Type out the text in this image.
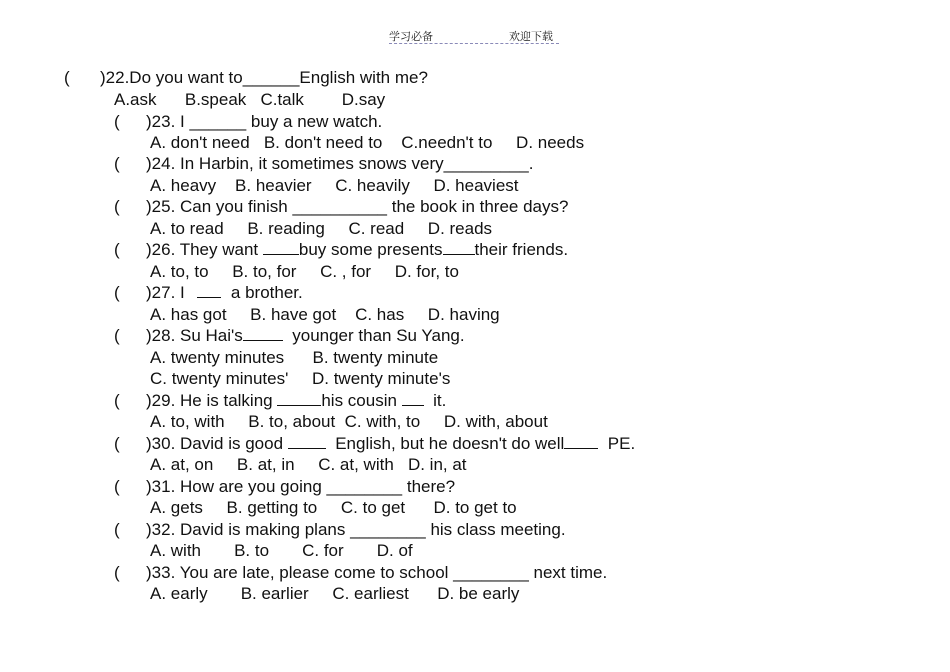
学习必备	欢迎下载
( )22.Do you want to______English with me?
A.ask      B.speak   C.talk        D.say
( )23. I ______ buy a new watch.
A. don't need   B. don't need to    C.needn't to     D. needs
( )24. In Harbin, it sometimes snows very_________.
A. heavy    B. heavier     C. heavily     D. heaviest
( )25. Can you finish __________ the book in three days?
A. to read     B. reading     C. read     D. reads
( )26. They want buy some presents their friends.
A. to, to     B. to, for     C. , for     D. for, to
( )27. I   a brother.
A. has got     B. have got    C. has     D. having
( )28. Su Hai's  younger than Su Yang.
A. twenty minutes      B. twenty minute
C. twenty minutes'     D. twenty minute's
( )29. He is talking	his cousin   it.
A. to, with     B. to, about  C. with, to     D. with, about
( )30. David is good   English, but he doesn't do well  PE.
A. at, on     B. at, in     C. at, with   D. in, at
( )31. How are you going ________ there?
A. gets     B. getting to     C. to get      D. to get to
( )32. David is making plans ________ his class meeting.
A. with       B. to       C. for       D. of
( )33. You are late, please come to school ________ next time.
A. early       B. earlier     C. earliest      D. be early
